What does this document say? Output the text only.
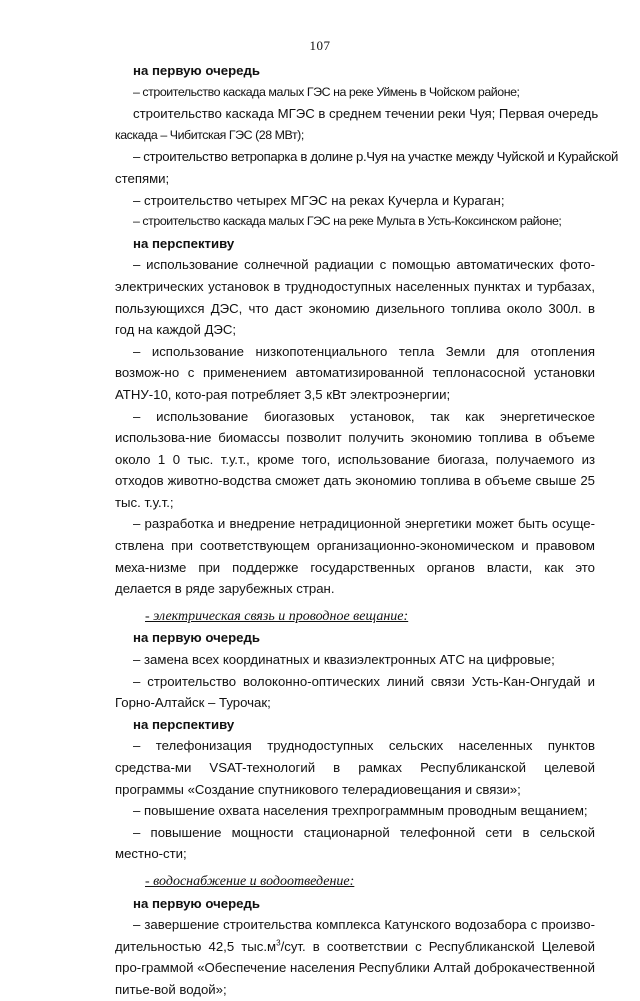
107

на первую очередь

– строительство каскада малых ГЭС на реке Уймень в Чойском районе;

строительство каскада МГЭС в среднем течении реки Чуя; Первая очередь

каскада – Чибитская ГЭС (28 МВт);

– строительство ветропарка в долине р.Чуя на участке между Чуйской и Курайской

степями;

– строительство четырех МГЭС на реках Кучерла и Кураган;

– строительство каскада малых ГЭС на реке Мульта в Усть-Коксинском районе;

на перспективу

– использование солнечной радиации с помощью автоматических фото-электрических установок в труднодоступных населенных пунктах и турбазах, пользующихся ДЭС, что даст экономию дизельного топлива около 300л. в год на каждой ДЭС;

– использование низкопотенциального тепла Земли для отопления возмож-но с применением автоматизированной теплонасосной установки АТНУ-10, кото-рая потребляет 3,5 кВт электроэнергии;

– использование биогазовых установок, так как энергетическое использова-ние биомассы позволит получить экономию топлива в объеме около 1 0 тыс. т.у.т., кроме того, использование биогаза, получаемого из отходов животно-водства сможет дать экономию топлива в объеме свыше 25 тыс. т.у.т.;

– разработка и внедрение нетрадиционной энергетики может быть осуще-ствлена при соответствующем организационно-экономическом и правовом меха-низме при поддержке государственных органов власти, как это делается в ряде зарубежных стран.

- электрическая связь и проводное вещание:

на первую очередь

– замена всех координатных и квазиэлектронных АТС на цифровые;

– строительство волоконно-оптических линий связи Усть-Кан-Онгудай и Горно-Алтайск – Турочак;

на перспективу

– телефонизация труднодоступных сельских населенных пунктов средства-ми VSAT-технологий в рамках Республиканской целевой программы «Создание спутникового телерадиовещания и связи»;

– повышение охвата населения трехпрограммным проводным вещанием;

– повышение мощности стационарной телефонной сети в сельской местно-сти;

- водоснабжение и водоотведение:

на первую очередь

– завершение строительства комплекса Катунского водозабора с произво-дительностью 42,5 $тыс.м^3$/сут. в соответствии с Республиканской Целевой про-граммой «Обеспечение населения Республики Алтай доброкачественной питье-вой водой»;
